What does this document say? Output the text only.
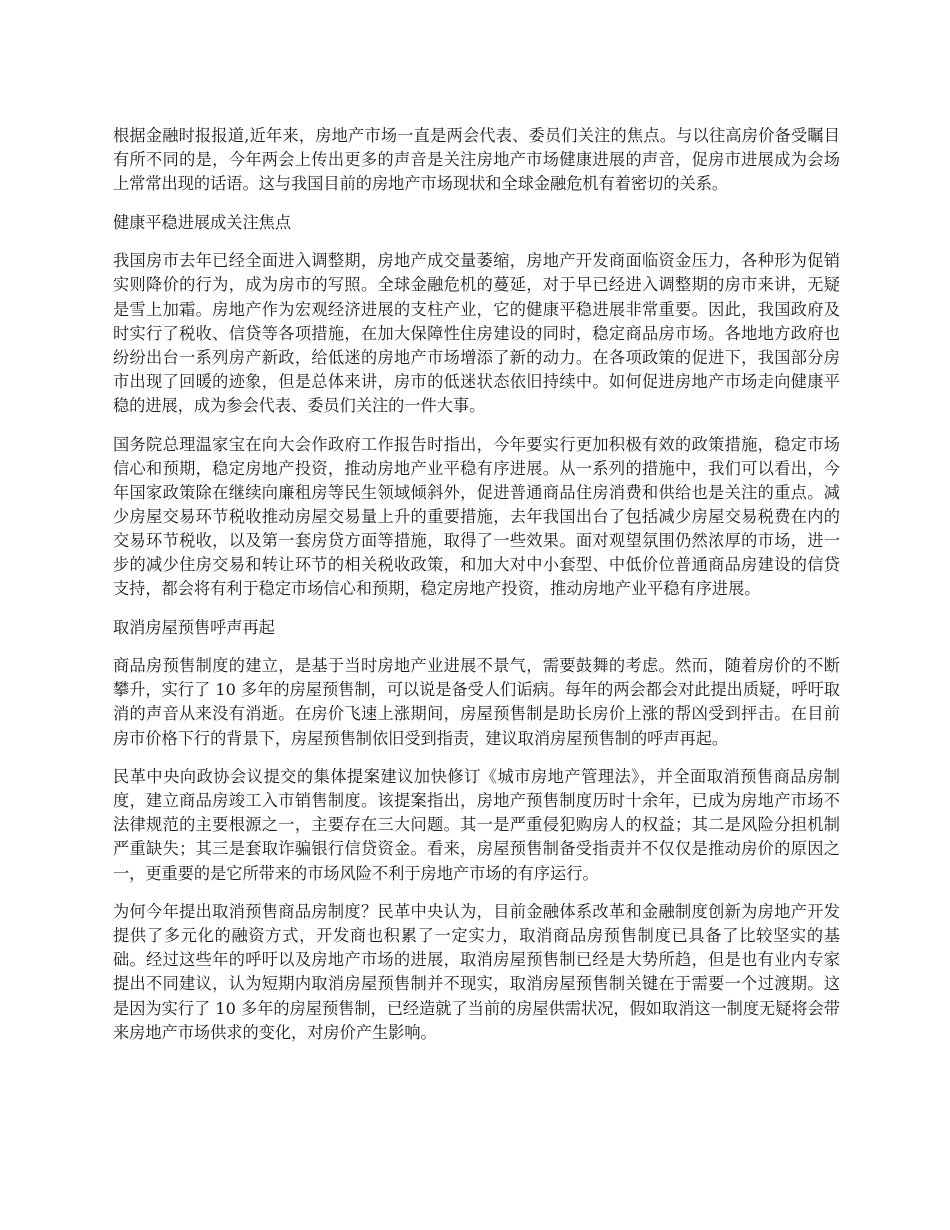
根据金融时报报道,近年来，房地产市场一直是两会代表、委员们关注的焦点。与以往高房价备受瞩目有所不同的是，今年两会上传出更多的声音是关注房地产市场健康进展的声音，促房市进展成为会场上常常出现的话语。这与我国目前的房地产市场现状和全球金融危机有着密切的关系。

健康平稳进展成关注焦点

我国房市去年已经全面进入调整期，房地产成交量萎缩，房地产开发商面临资金压力，各种形为促销实则降价的行为，成为房市的写照。全球金融危机的蔓延，对于早已经进入调整期的房市来讲，无疑是雪上加霜。房地产作为宏观经济进展的支柱产业，它的健康平稳进展非常重要。因此，我国政府及时实行了税收、信贷等各项措施，在加大保障性住房建设的同时，稳定商品房市场。各地地方政府也纷纷出台一系列房产新政，给低迷的房地产市场增添了新的动力。在各项政策的促进下，我国部分房市出现了回暖的迹象，但是总体来讲，房市的低迷状态依旧持续中。如何促进房地产市场走向健康平稳的进展，成为参会代表、委员们关注的一件大事。

国务院总理温家宝在向大会作政府工作报告时指出，今年要实行更加积极有效的政策措施，稳定市场信心和预期，稳定房地产投资，推动房地产业平稳有序进展。从一系列的措施中，我们可以看出，今年国家政策除在继续向廉租房等民生领域倾斜外，促进普通商品住房消费和供给也是关注的重点。减少房屋交易环节税收推动房屋交易量上升的重要措施，去年我国出台了包括减少房屋交易税费在内的交易环节税收，以及第一套房贷方面等措施，取得了一些效果。面对观望氛围仍然浓厚的市场，进一步的减少住房交易和转让环节的相关税收政策，和加大对中小套型、中低价位普通商品房建设的信贷支持，都会将有利于稳定市场信心和预期，稳定房地产投资，推动房地产业平稳有序进展。

取消房屋预售呼声再起

商品房预售制度的建立，是基于当时房地产业进展不景气，需要鼓舞的考虑。然而，随着房价的不断攀升，实行了 10 多年的房屋预售制，可以说是备受人们诟病。每年的两会都会对此提出质疑，呼吁取消的声音从来没有消逝。在房价飞速上涨期间，房屋预售制是助长房价上涨的帮凶受到抨击。在目前房市价格下行的背景下，房屋预售制依旧受到指责，建议取消房屋预售制的呼声再起。

民革中央向政协会议提交的集体提案建议加快修订《城市房地产管理法》，并全面取消预售商品房制度，建立商品房竣工入市销售制度。该提案指出，房地产预售制度历时十余年，已成为房地产市场不法律规范的主要根源之一，主要存在三大问题。其一是严重侵犯购房人的权益；其二是风险分担机制严重缺失；其三是套取诈骗银行信贷资金。看来，房屋预售制备受指责并不仅仅是推动房价的原因之一，更重要的是它所带来的市场风险不利于房地产市场的有序运行。

为何今年提出取消预售商品房制度？民革中央认为，目前金融体系改革和金融制度创新为房地产开发提供了多元化的融资方式，开发商也积累了一定实力，取消商品房预售制度已具备了比较坚实的基础。经过这些年的呼吁以及房地产市场的进展，取消房屋预售制已经是大势所趋，但是也有业内专家提出不同建议，认为短期内取消房屋预售制并不现实，取消房屋预售制关键在于需要一个过渡期。这是因为实行了 10 多年的房屋预售制，已经造就了当前的房屋供需状况，假如取消这一制度无疑将会带来房地产市场供求的变化，对房价产生影响。
